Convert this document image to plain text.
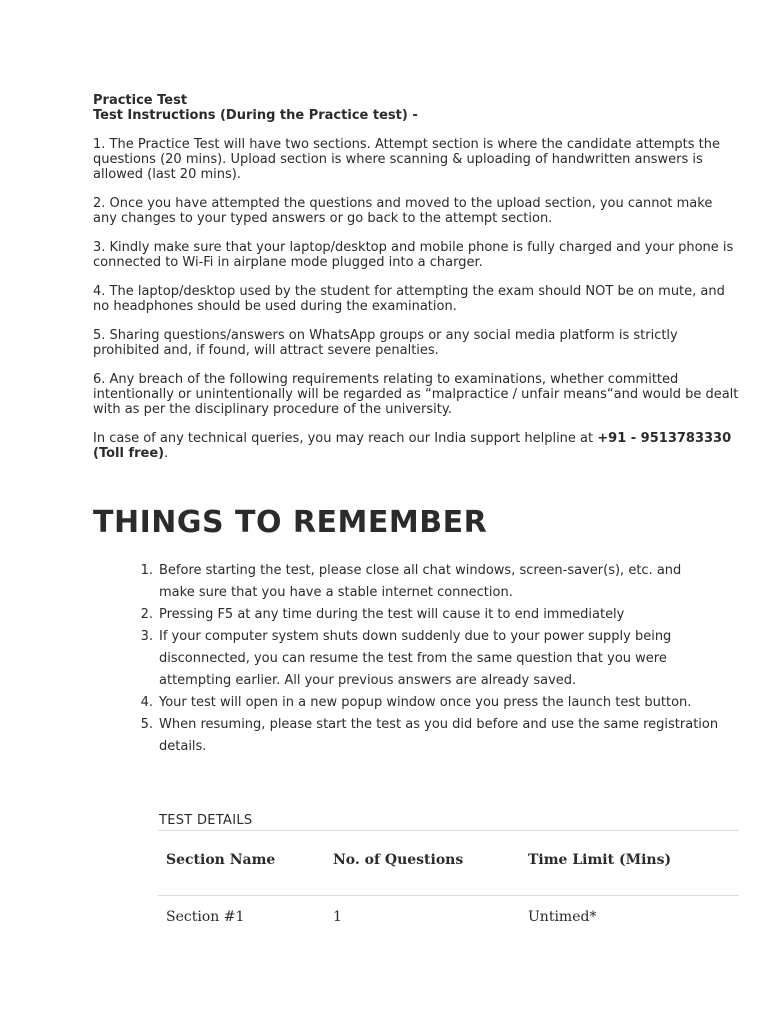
Practice Test

Test Instructions (During the Practice test) -

1. The Practice Test will have two sections. Attempt section is where the candidate attempts the questions (20 mins). Upload section is where scanning & uploading of handwritten answers is allowed (last 20 mins).

2. Once you have attempted the questions and moved to the upload section, you cannot make any changes to your typed answers or go back to the attempt section.

3. Kindly make sure that your laptop/desktop and mobile phone is fully charged and your phone is connected to Wi-Fi in airplane mode plugged into a charger.

4. The laptop/desktop used by the student for attempting the exam should NOT be on mute, and no headphones should be used during the examination.

5. Sharing questions/answers on WhatsApp groups or any social media platform is strictly prohibited and, if found, will attract severe penalties.

6. Any breach of the following requirements relating to examinations, whether committed intentionally or unintentionally will be regarded as “malpractice / unfair means“and would be dealt with as per the disciplinary procedure of the university.

In case of any technical queries, you may reach our India support helpline at +91 - 9513783330 (Toll free).

THINGS TO REMEMBER
1. Before starting the test, please close all chat windows, screen-saver(s), etc. and make sure that you have a stable internet connection.
2. Pressing F5 at any time during the test will cause it to end immediately
3. If your computer system shuts down suddenly due to your power supply being disconnected, you can resume the test from the same question that you were attempting earlier. All your previous answers are already saved.
4. Your test will open in a new popup window once you press the launch test button.
5. When resuming, please start the test as you did before and use the same registration details.
TEST DETAILS
Section Name	No. of Questions	Time Limit (Mins)
Section #1	1	Untimed*
